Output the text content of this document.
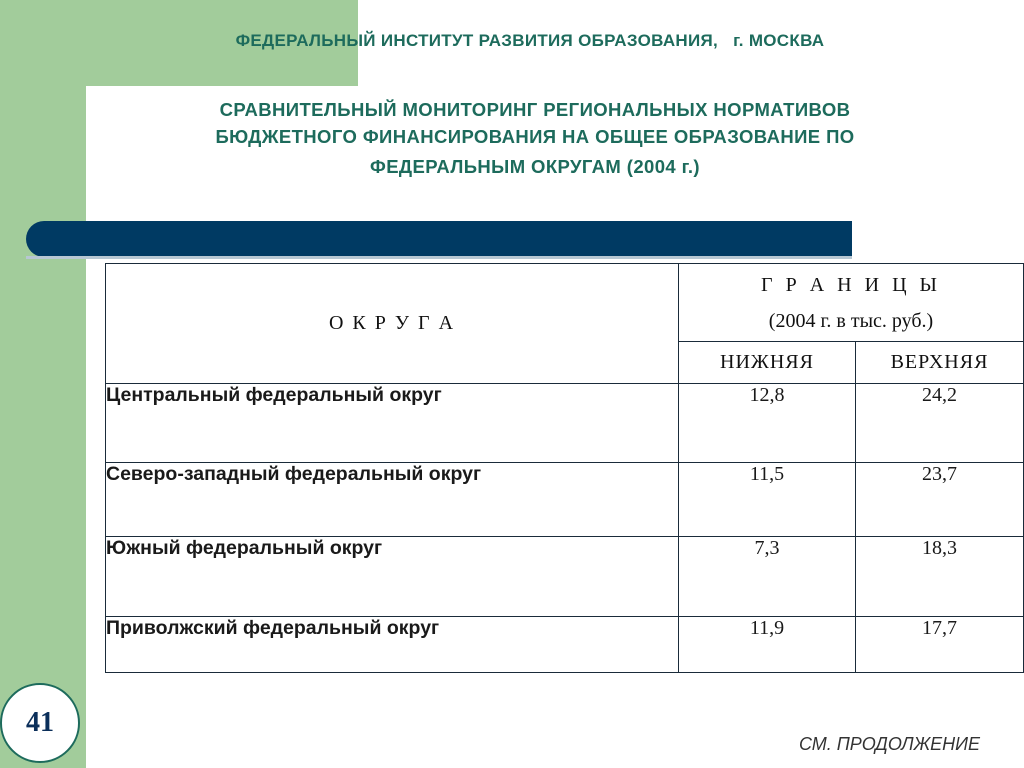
ФЕДЕРАЛЬНЫЙ ИНСТИТУТ РАЗВИТИЯ ОБРАЗОВАНИЯ,   г. МОСКВА
СРАВНИТЕЛЬНЫЙ МОНИТОРИНГ РЕГИОНАЛЬНЫХ НОРМАТИВОВ
БЮДЖЕТНОГО ФИНАНСИРОВАНИЯ НА ОБЩЕЕ ОБРАЗОВАНИЕ ПО
ФЕДЕРАЛЬНЫМ ОКРУГАМ (2004 г.)
О К Р У Г А	Г Р А Н И Ц Ы
(2004 г. в тыс. руб.)	
	НИЖНЯЯ	ВЕРХНЯЯ
Центральный федеральный округ	12,8	24,2
Северо-западный федеральный округ	11,5	23,7
Южный федеральный округ	7,3	18,3
Приволжский федеральный округ	11,9	17,7
41
СМ. ПРОДОЛЖЕНИЕ
